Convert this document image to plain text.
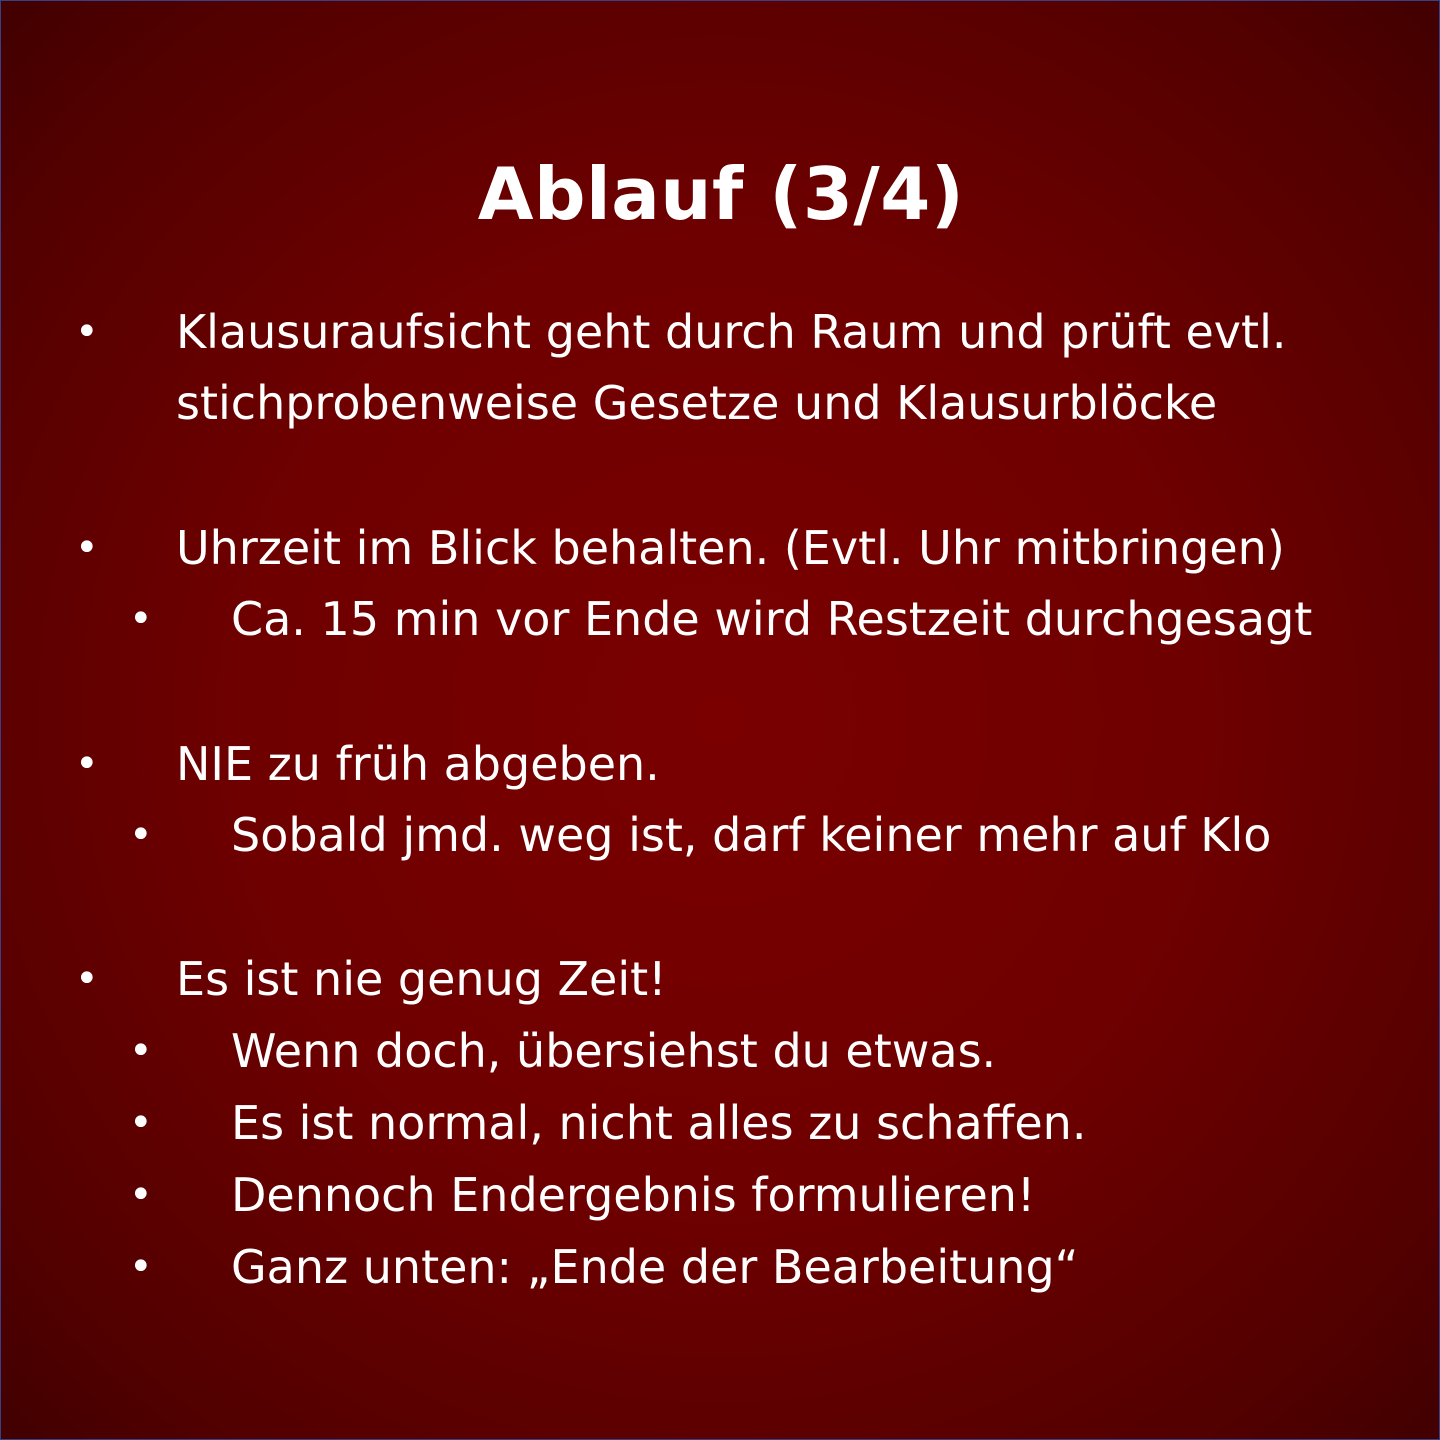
Ablauf (3/4)
• Klausuraufsicht geht durch Raum und prüft evtl.
stichprobenweise Gesetze und Klausurblöcke
• Uhrzeit im Blick behalten. (Evtl. Uhr mitbringen)
• Ca. 15 min vor Ende wird Restzeit durchgesagt
• NIE zu früh abgeben.
• Sobald jmd. weg ist, darf keiner mehr auf Klo
• Es ist nie genug Zeit!
• Wenn doch, übersiehst du etwas.
• Es ist normal, nicht alles zu schaffen.
• Dennoch Endergebnis formulieren!
• Ganz unten: „Ende der Bearbeitung“
